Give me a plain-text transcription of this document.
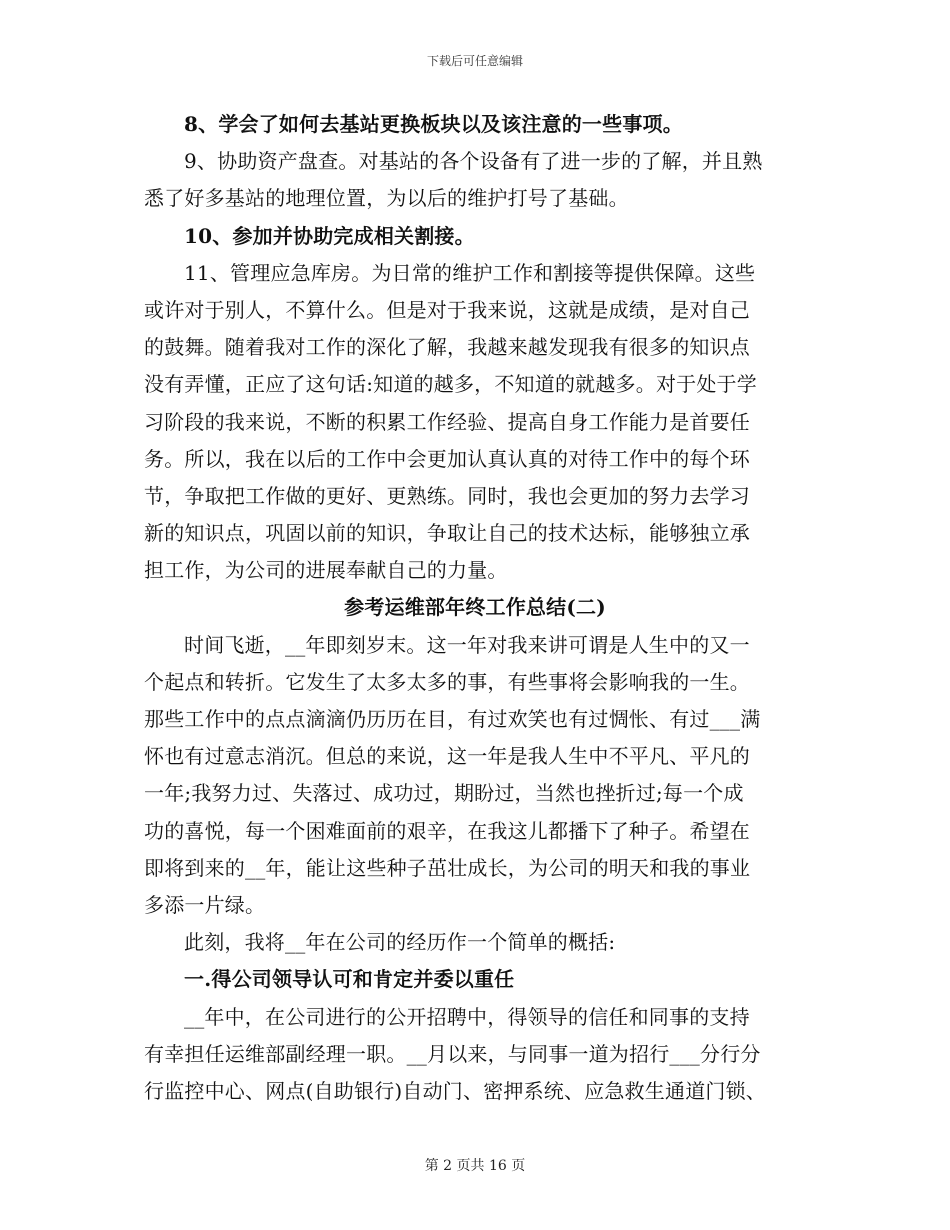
下载后可任意编辑
8、学会了如何去基站更换板块以及该注意的一些事项。
9、协助资产盘查。对基站的各个设备有了进一步的了解，并且熟
悉了好多基站的地理位置，为以后的维护打号了基础。
10、参加并协助完成相关割接。
11、管理应急库房。为日常的维护工作和割接等提供保障。这些
或许对于别人，不算什么。但是对于我来说，这就是成绩，是对自己
的鼓舞。随着我对工作的深化了解，我越来越发现我有很多的知识点
没有弄懂，正应了这句话:知道的越多，不知道的就越多。对于处于学
习阶段的我来说，不断的积累工作经验、提高自身工作能力是首要任
务。所以，我在以后的工作中会更加认真认真的对待工作中的每个环
节，争取把工作做的更好、更熟练。同时，我也会更加的努力去学习
新的知识点，巩固以前的知识，争取让自己的技术达标，能够独立承
担工作，为公司的进展奉献自己的力量。
参考运维部年终工作总结(二)
时间飞逝，__年即刻岁末。这一年对我来讲可谓是人生中的又一
个起点和转折。它发生了太多太多的事，有些事将会影响我的一生。
那些工作中的点点滴滴仍历历在目，有过欢笑也有过惆怅、有过___满
怀也有过意志消沉。但总的来说，这一年是我人生中不平凡、平凡的
一年;我努力过、失落过、成功过，期盼过，当然也挫折过;每一个成
功的喜悦，每一个困难面前的艰辛，在我这儿都播下了种子。希望在
即将到来的__年，能让这些种子茁壮成长，为公司的明天和我的事业
多添一片绿。
此刻，我将__年在公司的经历作一个简单的概括:
一.得公司领导认可和肯定并委以重任
__年中，在公司进行的公开招聘中，得领导的信任和同事的支持
有幸担任运维部副经理一职。__月以来，与同事一道为招行___分行分
行监控中心、网点(自助银行)自动门、密押系统、应急救生通道门锁、
第 2 页共 16 页
